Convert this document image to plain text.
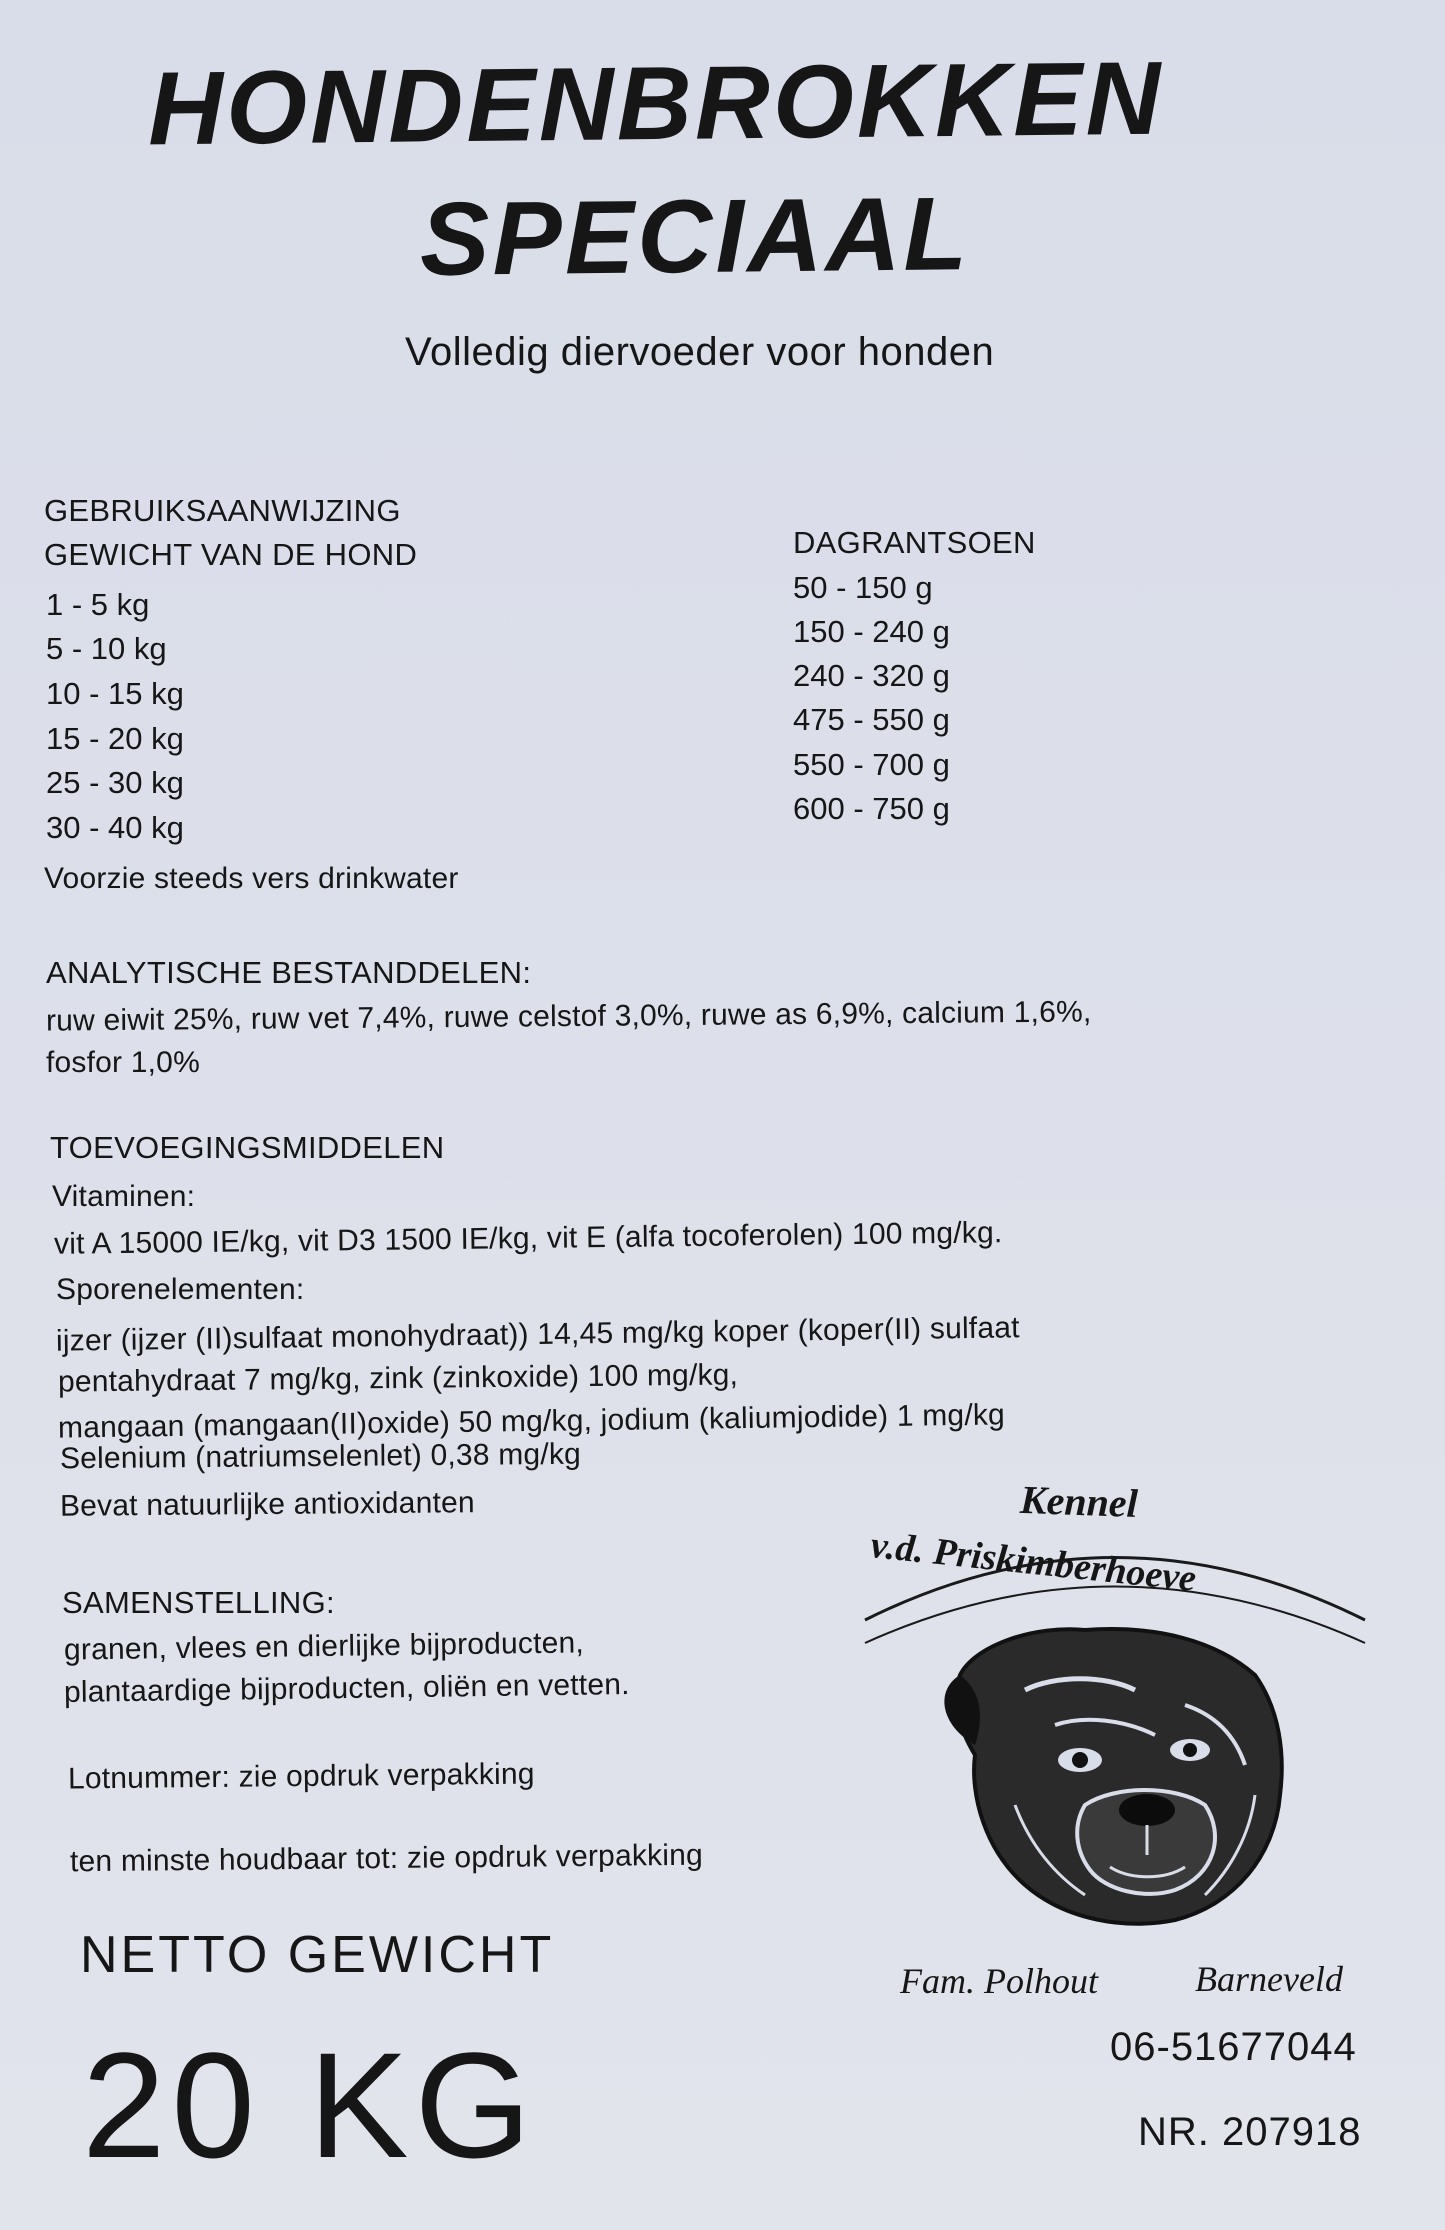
HONDENBROKKEN
SPECIAAL
Volledig diervoeder voor honden
GEBRUIKSAANWIJZING
GEWICHT VAN DE HOND	DAGRANTSOEN
1 - 5 kg
5 - 10 kg
10 - 15 kg
15 - 20 kg
25 - 30 kg
30 - 40 kg
50 - 150 g
150 - 240 g
240 - 320 g
475 - 550 g
550 - 700 g
600 - 750 g
Voorzie steeds vers drinkwater
ANALYTISCHE BESTANDDELEN:
ruw eiwit 25%, ruw vet 7,4%, ruwe celstof 3,0%, ruwe as 6,9%, calcium 1,6%,
fosfor 1,0%
TOEVOEGINGSMIDDELEN
Vitaminen:
vit A 15000 IE/kg, vit D3 1500 IE/kg, vit E (alfa tocoferolen) 100 mg/kg.
Sporenelementen:
ijzer (ijzer (II)sulfaat monohydraat)) 14,45 mg/kg koper (koper(II) sulfaat
pentahydraat 7 mg/kg, zink (zinkoxide) 100 mg/kg,
mangaan (mangaan(II)oxide) 50 mg/kg, jodium (kaliumjodide) 1 mg/kg
Selenium (natriumselenlet) 0,38 mg/kg
Bevat natuurlijke antioxidanten
SAMENSTELLING:
granen, vlees en dierlijke bijproducten,
plantaardige bijproducten, oliën en vetten.
Lotnummer: zie opdruk verpakking
ten minste houdbaar tot: zie opdruk verpakking
NETTO GEWICHT
20 KG
Kennel
v.d. Priskimberhoeve
Fam. Polhout	Barneveld
06-51677044
NR. 207918
